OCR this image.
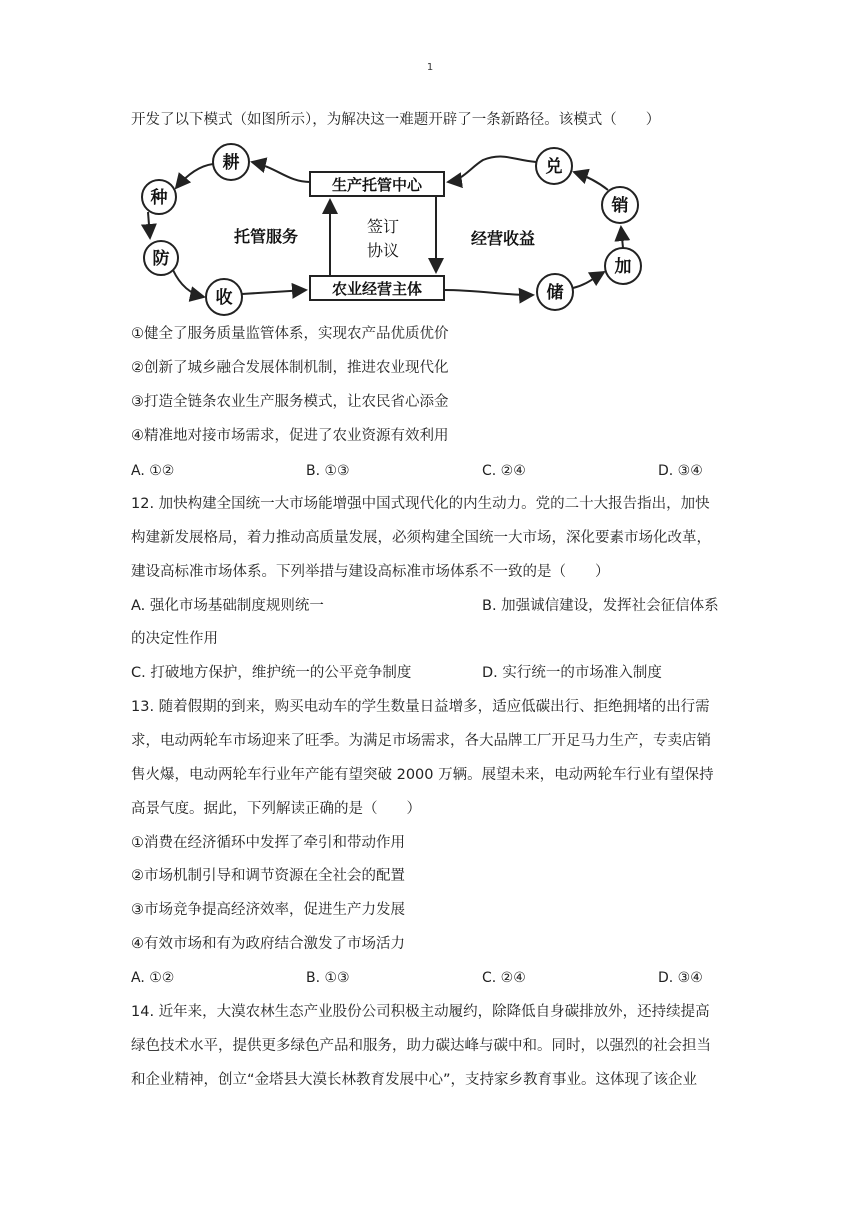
1
开发了以下模式（如图所示），为解决这一难题开辟了一条新路径。该模式（　　）
生产托管中心
农业经营主体
托管服务
签订
协议
经营收益
耕
种
防
收	储
加
销
兑
①健全了服务质量监管体系，实现农产品优质优价
②创新了城乡融合发展体制机制，推进农业现代化
③打造全链条农业生产服务模式，让农民省心添金
④精准地对接市场需求，促进了农业资源有效利用
A. ①②	B. ①③	C. ②④	D. ③④
12. 加快构建全国统一大市场能增强中国式现代化的内生动力。党的二十大报告指出，加快
构建新发展格局，着力推动高质量发展，必须构建全国统一大市场，深化要素市场化改革，
建设高标准市场体系。下列举措与建设高标准市场体系不一致的是（　　）
A. 强化市场基础制度规则统一	B. 加强诚信建设，发挥社会征信体系
的决定性作用
C. 打破地方保护，维护统一的公平竞争制度	D. 实行统一的市场准入制度
13. 随着假期的到来，购买电动车的学生数量日益增多，适应低碳出行、拒绝拥堵的出行需
求，电动两轮车市场迎来了旺季。为满足市场需求，各大品牌工厂开足马力生产，专卖店销
售火爆，电动两轮车行业年产能有望突破 2000 万辆。展望未来，电动两轮车行业有望保持
高景气度。据此，下列解读正确的是（　　）
①消费在经济循环中发挥了牵引和带动作用
②市场机制引导和调节资源在全社会的配置
③市场竞争提高经济效率，促进生产力发展
④有效市场和有为政府结合激发了市场活力
A. ①②	B. ①③	C. ②④	D. ③④
14. 近年来，大漠农林生态产业股份公司积极主动履约，除降低自身碳排放外，还持续提高
绿色技术水平，提供更多绿色产品和服务，助力碳达峰与碳中和。同时，以强烈的社会担当
和企业精神，创立“金塔县大漠长林教育发展中心”，支持家乡教育事业。这体现了该企业
